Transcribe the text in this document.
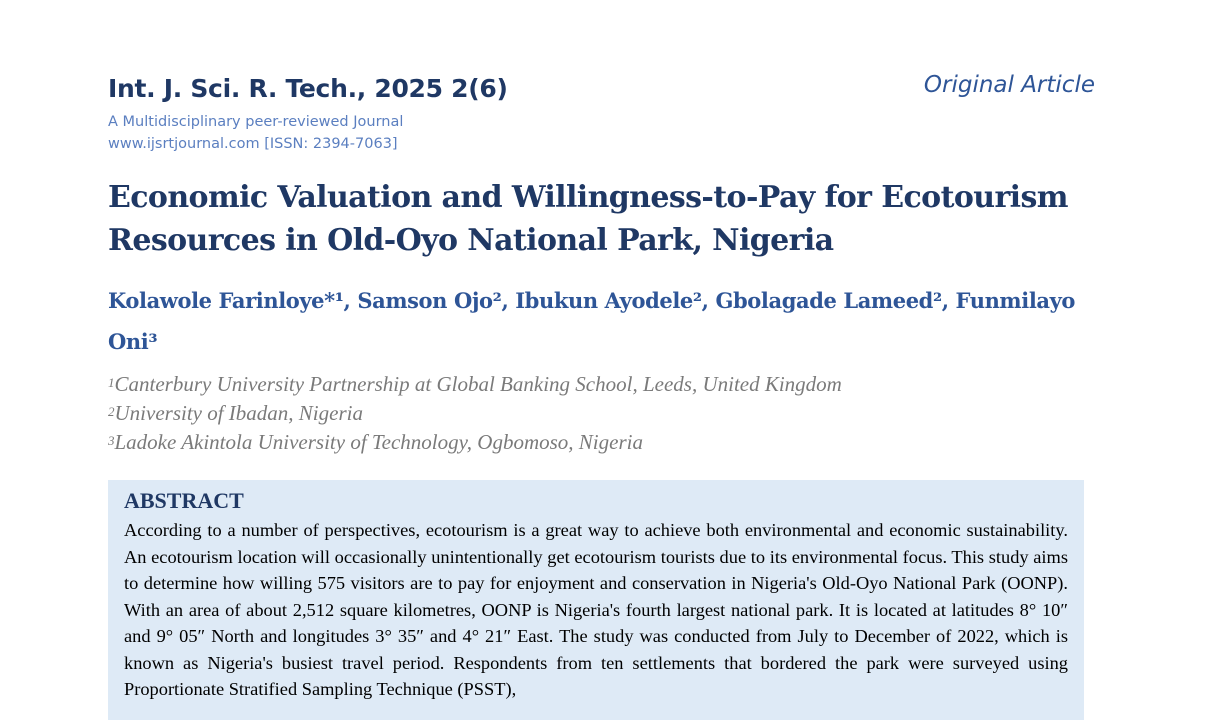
Int. J. Sci. R. Tech., 2025 2(6)	Original Article
A Multidisciplinary peer-reviewed Journal
www.ijsrtjournal.com [ISSN: 2394-7063]
Economic Valuation and Willingness-to-Pay for Ecotourism Resources in Old-Oyo National Park, Nigeria
Kolawole Farinloye*¹, Samson Ojo², Ibukun Ayodele², Gbolagade Lameed², Funmilayo Oni³
$^1$Canterbury University Partnership at Global Banking School, Leeds, United Kingdom
$^2$University of Ibadan, Nigeria
$^3$Ladoke Akintola University of Technology, Ogbomoso, Nigeria
ABSTRACT
According to a number of perspectives, ecotourism is a great way to achieve both environmental and economic sustainability. An ecotourism location will occasionally unintentionally get ecotourism tourists due to its environmental focus. This study aims to determine how willing 575 visitors are to pay for enjoyment and conservation in Nigeria's Old-Oyo National Park (OONP). With an area of about 2,512 square kilometres, OONP is Nigeria's fourth largest national park. It is located at latitudes 8° 10″ and 9° 05″ North and longitudes 3° 35″ and 4° 21″ East. The study was conducted from July to December of 2022, which is known as Nigeria's busiest travel period. Respondents from ten settlements that bordered the park were surveyed using Proportionate Stratified Sampling Technique (PSST),
